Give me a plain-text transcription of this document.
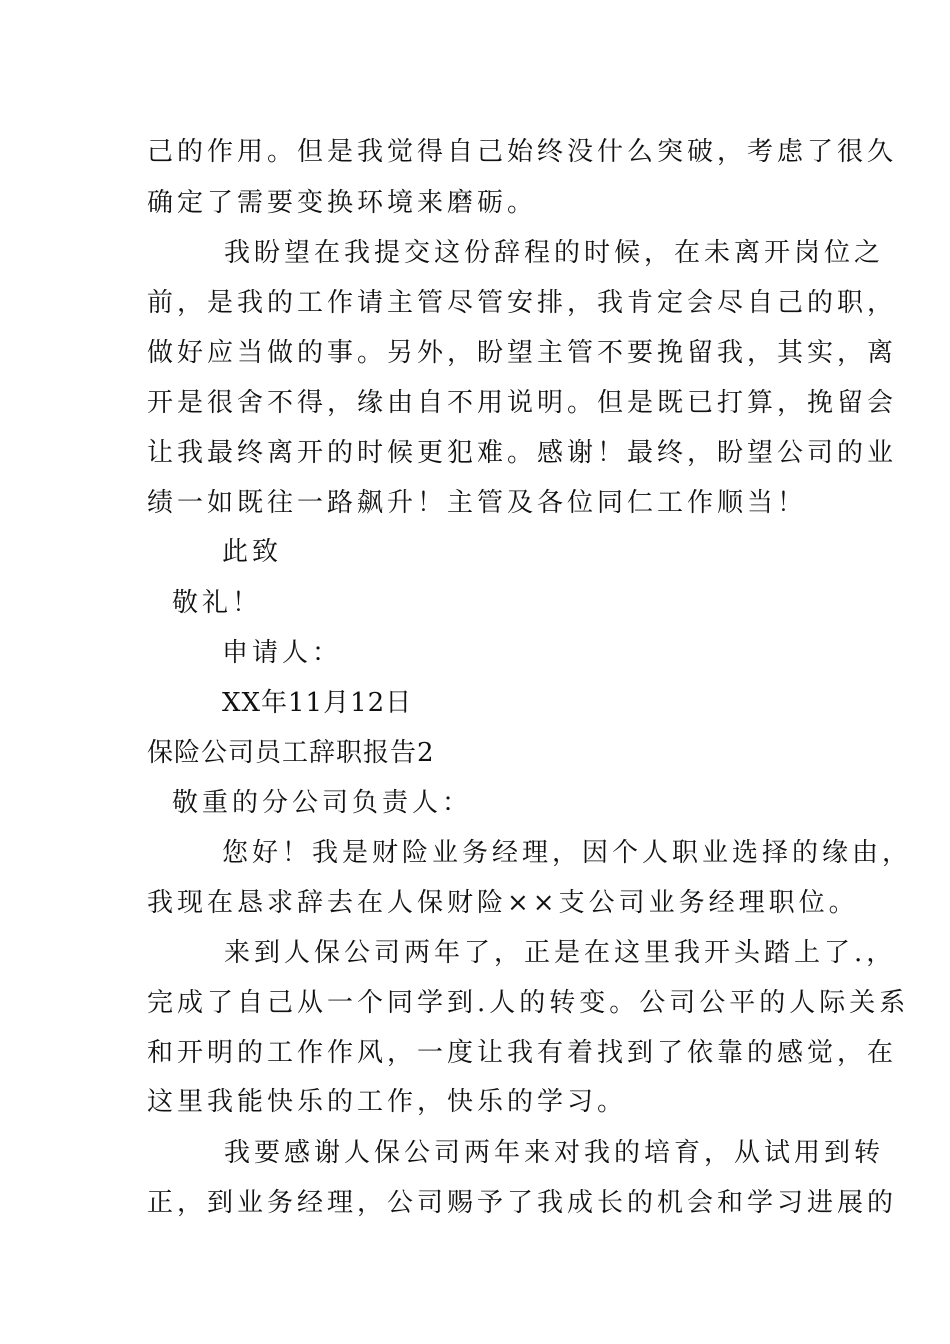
己的作用。但是我觉得自己始终没什么突破，考虑了很久
确定了需要变换环境来磨砺。
我盼望在我提交这份辞程的时候，在未离开岗位之
前，是我的工作请主管尽管安排，我肯定会尽自己的职，
做好应当做的事。另外，盼望主管不要挽留我，其实，离
开是很舍不得，缘由自不用说明。但是既已打算，挽留会
让我最终离开的时候更犯难。感谢！最终，盼望公司的业
绩一如既往一路飙升！主管及各位同仁工作顺当！
此致
敬礼！
申请人：
XX年11月12日
保险公司员工辞职报告2
敬重的分公司负责人：
您好！我是财险业务经理，因个人职业选择的缘由，
我现在恳求辞去在人保财险××支公司业务经理职位。
来到人保公司两年了，正是在这里我开头踏上了.，
完成了自己从一个同学到.人的转变。公司公平的人际关系
和开明的工作作风，一度让我有着找到了依靠的感觉，在
这里我能快乐的工作，快乐的学习。
我要感谢人保公司两年来对我的培育，从试用到转
正，到业务经理，公司赐予了我成长的机会和学习进展的
